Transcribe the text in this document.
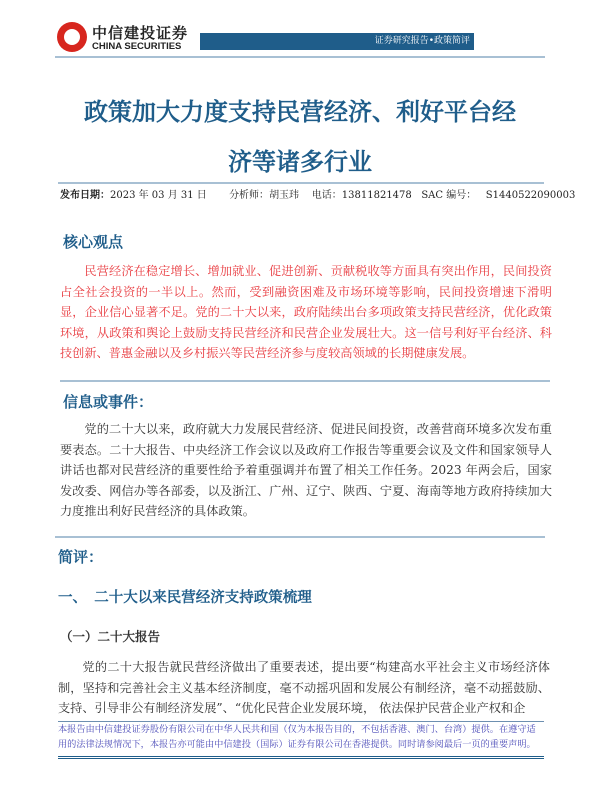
中信建投证券
CHINA SECURITIES	证券研究报告•政策简评
政策加大力度支持民营经济、利好平台经
济等诸多行业
发布日期：2023 年 03 月 31 日 分析师：胡玉玮 电话：13811821478 SAC 编号： S1440522090003
核心观点
民营经济在稳定增长、增加就业、促进创新、贡献税收等方面具有突出作用，民间投资占全社会投资的一半以上。然而，受到融资困难及市场环境等影响，民间投资增速下滑明显，企业信心显著不足。党的二十大以来，政府陆续出台多项政策支持民营经济，优化政策环境，从政策和舆论上鼓励支持民营经济和民营企业发展壮大。这一信号利好平台经济、科技创新、普惠金融以及乡村振兴等民营经济参与度较高领域的长期健康发展。
信息或事件：
党的二十大以来，政府就大力发展民营经济、促进民间投资，改善营商环境多次发布重要表态。二十大报告、中央经济工作会议以及政府工作报告等重要会议及文件和国家领导人讲话也都对民营经济的重要性给予着重强调并布置了相关工作任务。2023 年两会后，国家发改委、网信办等各部委，以及浙江、广州、辽宁、陕西、宁夏、海南等地方政府持续加大力度推出利好民营经济的具体政策。
简评：
一、　二十大以来民营经济支持政策梳理
（一）二十大报告
党的二十大报告就民营经济做出了重要表述，提出要“构建高水平社会主义市场经济体制，坚持和完善社会主义基本经济制度，毫不动摇巩固和发展公有制经济，毫不动摇鼓励、支持、引导非公有制经济发展”、“优化民营企业发展环境， 依法保护民营企业产权和企
本报告由中信建投证券股份有限公司在中华人民共和国（仅为本报告目的，不包括香港、澳门、台湾）提供。在遵守适用的法律法规情况下，本报告亦可能由中信建投（国际）证券有限公司在香港提供。同时请参阅最后一页的重要声明。
